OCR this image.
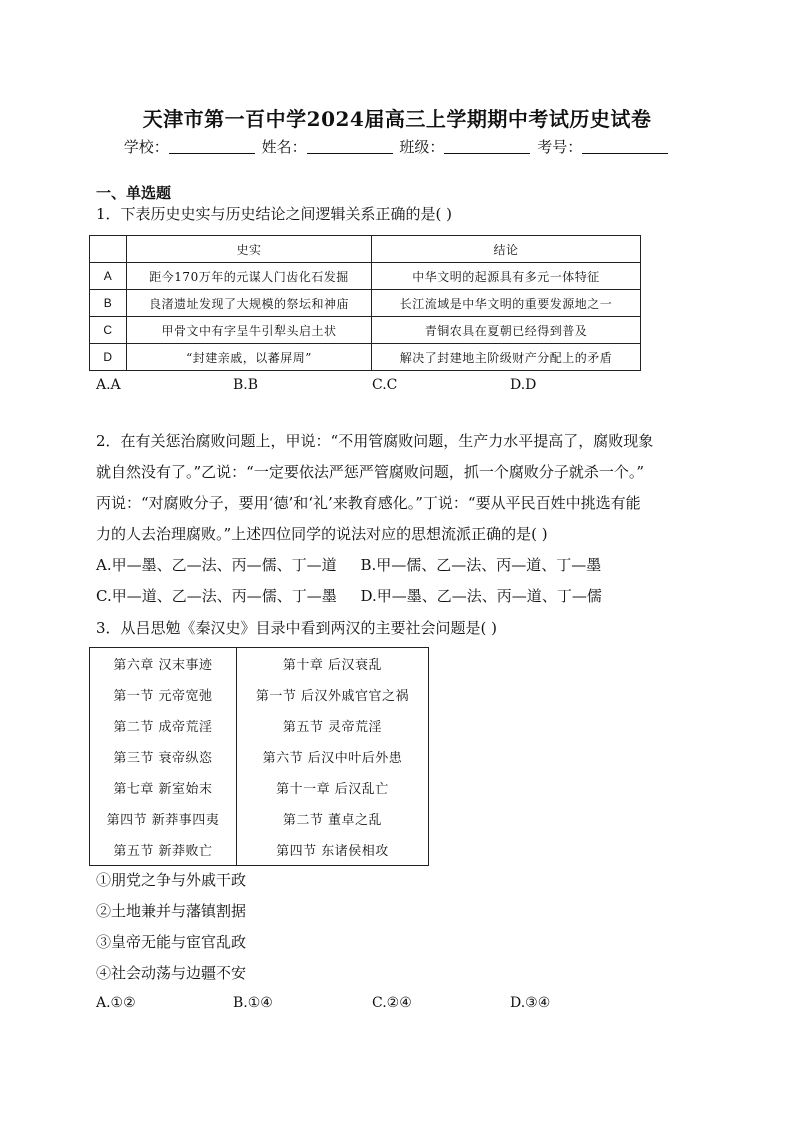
天津市第一百中学2024届高三上学期期中考试历史试卷
学校：	姓名：	班级：	考号：
一、单选题
1．下表历史史实与历史结论之间逻辑关系正确的是( )
	史实	结论
A	距今170万年的元谋人门齿化石发掘	中华文明的起源具有多元一体特征
B	良渚遗址发现了大规模的祭坛和神庙	长江流域是中华文明的重要发源地之一
C	甲骨文中有字呈牛引犁头启土状	青铜农具在夏朝已经得到普及
D	“封建亲戚，以蕃屏周”	解决了封建地主阶级财产分配上的矛盾
A.A	B.B	C.C	D.D

2．在有关惩治腐败问题上，甲说：“不用管腐败问题，生产力水平提高了，腐败现象

就自然没有了。”乙说：“一定要依法严惩严管腐败问题，抓一个腐败分子就杀一个。”

丙说：“对腐败分子，要用‘德’和‘礼’来教育感化。”丁说：“要从平民百姓中挑选有能

力的人去治理腐败。”上述四位同学的说法对应的思想流派正确的是( )

A.甲—墨、乙—法、丙—儒、丁—道     B.甲—儒、乙—法、丙—道、丁—墨

C.甲—道、乙—法、丙—儒、丁—墨     D.甲—墨、乙—法、丙—道、丁—儒

3．从吕思勉《秦汉史》目录中看到两汉的主要社会问题是( )
第六章 汉末事迹	第十章 后汉衰乱
第一节 元帝宽弛	第一节 后汉外戚官官之祸
第二节 成帝荒淫	第五节 灵帝荒淫
第三节 衰帝纵恣	第六节 后汉中叶后外患
第七章 新室始末	第十一章 后汉乱亡
第四节 新莽事四夷	第二节 董卓之乱
第五节 新莽败亡	第四节 东诸侯相攻
①朋党之争与外戚干政
②土地兼并与藩镇割据
③皇帝无能与宦官乱政
④社会动荡与边疆不安
A.①②	B.①④	C.②④	D.③④
